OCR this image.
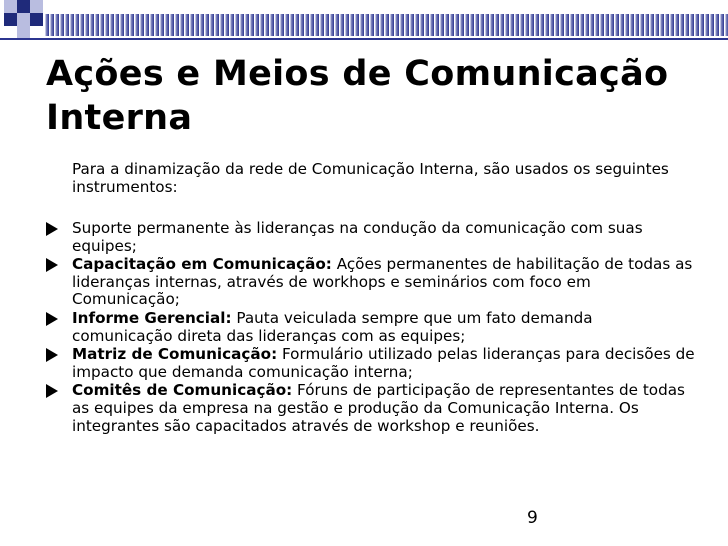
Ações e Meios de Comunicação
Interna
Para a dinamização da rede de Comunicação Interna, são usados os seguintes instrumentos:
Suporte permanente às lideranças na condução da comunicação com suas equipes;
Capacitação em Comunicação: Ações permanentes de habilitação de todas as lideranças internas, através de workhops e seminários com foco em Comunicação;
Informe Gerencial: Pauta veiculada sempre que um fato demanda comunicação direta das lideranças com as equipes;
Matriz de Comunicação: Formulário utilizado pelas lideranças para decisões de impacto que demanda comunicação interna;
Comitês de Comunicação: Fóruns de participação de representantes de todas as equipes da empresa na gestão e produção da Comunicação Interna. Os integrantes são capacitados através de workshop e reuniões.
9
